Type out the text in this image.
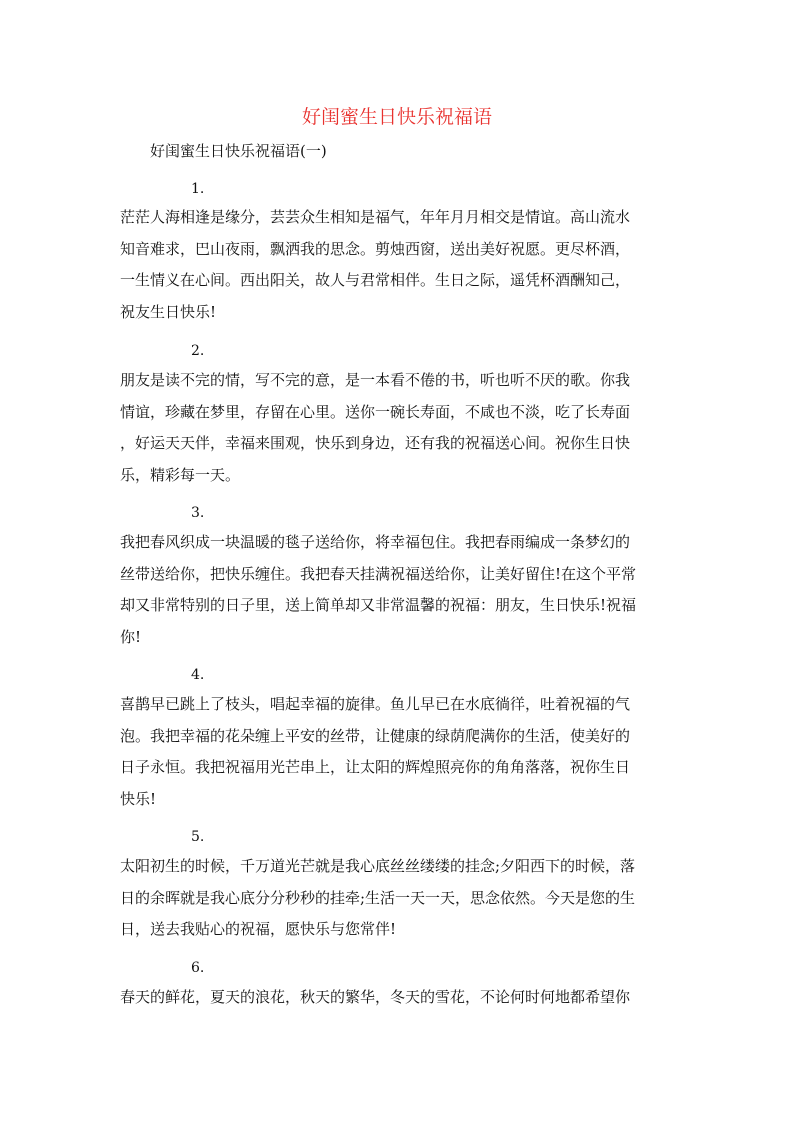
好闺蜜生日快乐祝福语

好闺蜜生日快乐祝福语(一)

1.

茫茫人海相逢是缘分，芸芸众生相知是福气，年年月月相交是情谊。高山流水
知音难求，巴山夜雨，飘洒我的思念。剪烛西窗，送出美好祝愿。更尽杯酒，
一生情义在心间。西出阳关，故人与君常相伴。生日之际，遥凭杯酒酬知己，
祝友生日快乐!

2.

朋友是读不完的情，写不完的意，是一本看不倦的书，听也听不厌的歌。你我
情谊，珍藏在梦里，存留在心里。送你一碗长寿面，不咸也不淡，吃了长寿面
，好运天天伴，幸福来围观，快乐到身边，还有我的祝福送心间。祝你生日快
乐，精彩每一天。

3.

我把春风织成一块温暖的毯子送给你，将幸福包住。我把春雨编成一条梦幻的
丝带送给你，把快乐缠住。我把春天挂满祝福送给你，让美好留住!在这个平常
却又非常特别的日子里，送上简单却又非常温馨的祝福：朋友，生日快乐!祝福
你!

4.

喜鹊早已跳上了枝头，唱起幸福的旋律。鱼儿早已在水底徜徉，吐着祝福的气
泡。我把幸福的花朵缠上平安的丝带，让健康的绿荫爬满你的生活，使美好的
日子永恒。我把祝福用光芒串上，让太阳的辉煌照亮你的角角落落，祝你生日
快乐!

5.

太阳初生的时候，千万道光芒就是我心底丝丝缕缕的挂念;夕阳西下的时候，落
日的余晖就是我心底分分秒秒的挂牵;生活一天一天，思念依然。今天是您的生
日，送去我贴心的祝福，愿快乐与您常伴!

6.

春天的鲜花，夏天的浪花，秋天的繁华，冬天的雪花，不论何时何地都希望你
